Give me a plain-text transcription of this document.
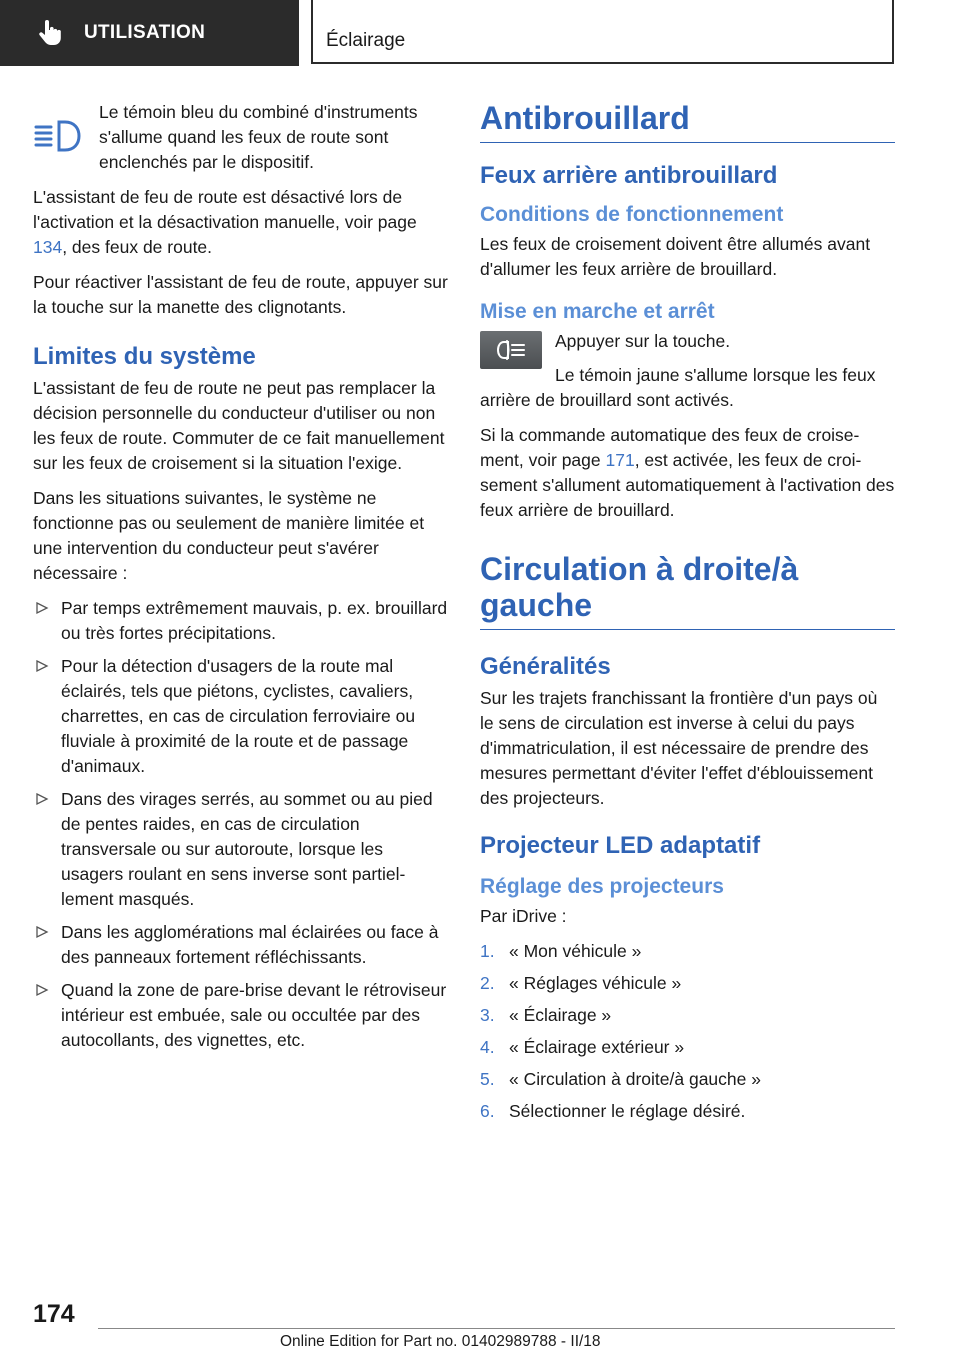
UTILISATION	Éclairage
Le témoin bleu du combiné d'instruments s'allume quand les feux de route sont enclenchés par le dispositif.

L'assistant de feu de route est désactivé lors de l'activation et la désactivation manuelle, voir page 134, des feux de route.

Pour réactiver l'assistant de feu de route, appuyer sur la touche sur la manette des clignotants.

Limites du système

L'assistant de feu de route ne peut pas remplacer la décision personnelle du conducteur d'utiliser ou non les feux de route. Commuter de ce fait manuellement sur les feux de croisement si la situation l'exige.

Dans les situations suivantes, le système ne fonctionne pas ou seulement de manière limitée et une intervention du conducteur peut s'avérer nécessaire :

Par temps extrêmement mauvais, p. ex. brouillard ou très fortes précipitations.
Pour la détection d'usagers de la route mal éclairés, tels que piétons, cyclistes, cavaliers, charrettes, en cas de circulation ferroviaire ou fluviale à proximité de la route et de passage d'animaux.
Dans des virages serrés, au sommet ou au pied de pentes raides, en cas de circulation transversale ou sur autoroute, lorsque les usagers roulant en sens inverse sont partiellement masqués.
Dans les agglomérations mal éclairées ou face à des panneaux fortement réfléchissants.
Quand la zone de pare-brise devant le rétroviseur intérieur est embuée, sale ou occultée par des autocollants, des vignettes, etc.
Antibrouillard
Feux arrière antibrouillard
Conditions de fonctionnement

Les feux de croisement doivent être allumés avant d'allumer les feux arrière de brouillard.

Mise en marche et arrêt

Appuyer sur la touche.

Le témoin jaune s'allume lorsque les feux arrière de brouillard sont activés.

Si la commande automatique des feux de croisement, voir page 171, est activée, les feux de croisement s'allument automatiquement à l'activation des feux arrière de brouillard.

Circulation à droite/à gauche
Généralités

Sur les trajets franchissant la frontière d'un pays où le sens de circulation est inverse à celui du pays d'immatriculation, il est nécessaire de prendre des mesures permettant d'éviter l'effet d'éblouissement des projecteurs.

Projecteur LED adaptatif
Réglage des projecteurs

Par iDrive :

1. « Mon véhicule »
2. « Réglages véhicule »
3. « Éclairage »
4. « Éclairage extérieur »
5. « Circulation à droite/à gauche »
6. Sélectionner le réglage désiré.
174
Online Edition for Part no. 01402989788 - II/18
